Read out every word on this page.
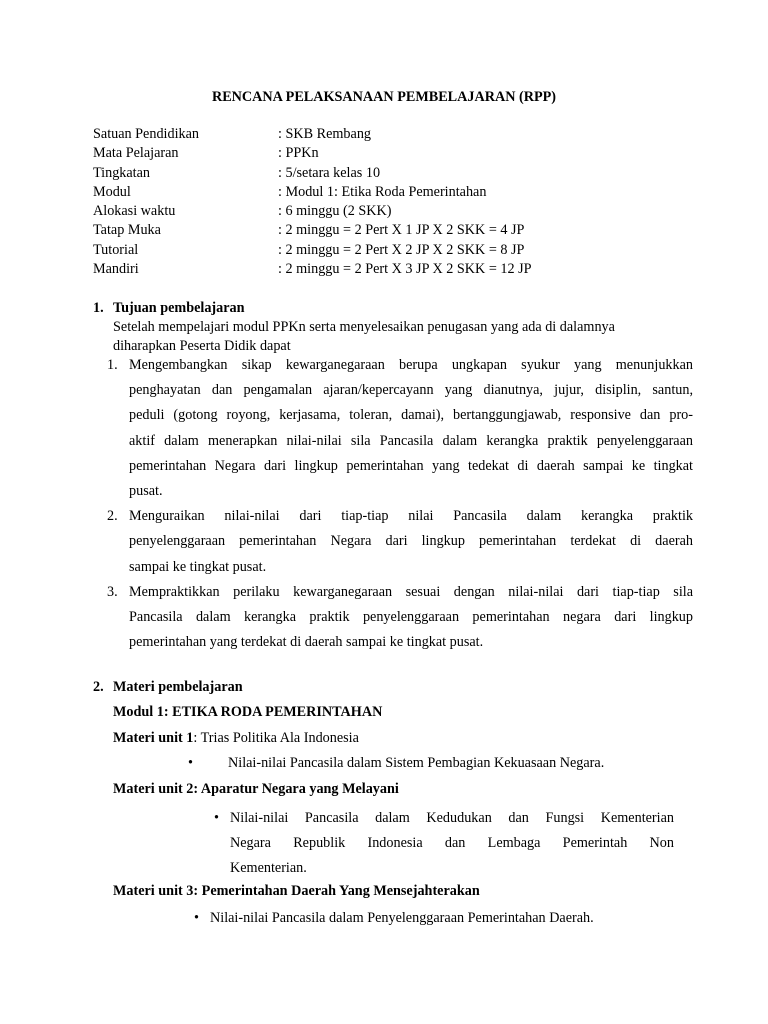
RENCANA PELAKSANAAN PEMBELAJARAN (RPP)
Satuan Pendidikan	: SKB Rembang
Mata Pelajaran	: PPKn
Tingkatan	: 5/setara kelas 10
Modul	: Modul 1: Etika Roda Pemerintahan
Alokasi waktu	: 6 minggu (2 SKK)
Tatap Muka	: 2 minggu = 2 Pert X 1 JP X 2 SKK = 4 JP
Tutorial	: 2 minggu = 2 Pert X 2 JP X 2 SKK = 8 JP
Mandiri	: 2 minggu = 2 Pert X 3 JP X 2 SKK = 12 JP
1. Tujuan pembelajaran
Setelah mempelajari modul PPKn serta menyelesaikan penugasan yang ada di dalamnya
diharapkan Peserta Didik dapat
1. Mengembangkan sikap kewarganegaraan berupa ungkapan syukur yang menunjukkan
penghayatan dan pengamalan ajaran/kepercayann yang dianutnya, jujur, disiplin, santun,
peduli (gotong royong, kerjasama, toleran, damai), bertanggungjawab, responsive dan pro-
aktif dalam menerapkan nilai-nilai sila Pancasila dalam kerangka praktik penyelenggaraan
pemerintahan Negara dari lingkup pemerintahan yang tedekat di daerah sampai ke tingkat
pusat.
2. Menguraikan nilai-nilai dari tiap-tiap nilai Pancasila dalam kerangka praktik
penyelenggaraan pemerintahan Negara dari lingkup pemerintahan terdekat di daerah
sampai ke tingkat pusat.
3. Mempraktikkan perilaku kewarganegaraan sesuai dengan nilai-nilai dari tiap-tiap sila
Pancasila dalam kerangka praktik penyelenggaraan pemerintahan negara dari lingkup
pemerintahan yang terdekat di daerah sampai ke tingkat pusat.
2. Materi pembelajaran
Modul 1: ETIKA RODA PEMERINTAHAN
Materi unit 1: Trias Politika Ala Indonesia
• Nilai-nilai Pancasila dalam Sistem Pembagian Kekuasaan Negara.
Materi unit 2: Aparatur Negara yang Melayani
• Nilai-nilai Pancasila dalam Kedudukan dan Fungsi Kementerian
Negara Republik Indonesia dan Lembaga Pemerintah Non
Kementerian.
Materi unit 3: Pemerintahan Daerah Yang Mensejahterakan
• Nilai-nilai Pancasila dalam Penyelenggaraan Pemerintahan Daerah.
